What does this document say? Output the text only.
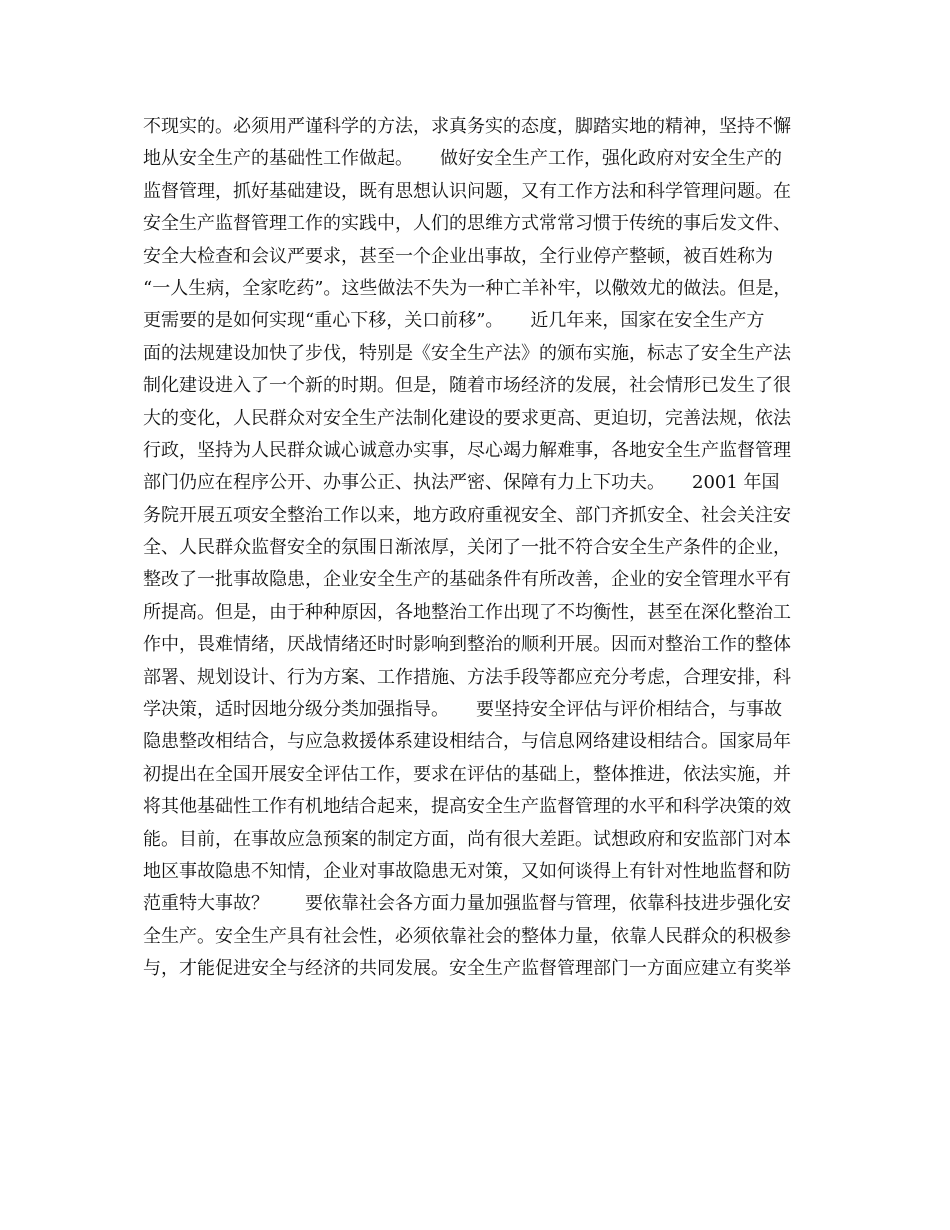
不现实的。必须用严谨科学的方法，求真务实的态度，脚踏实地的精神，坚持不懈
地从安全生产的基础性工作做起。　　做好安全生产工作，强化政府对安全生产的
监督管理，抓好基础建设，既有思想认识问题，又有工作方法和科学管理问题。在
安全生产监督管理工作的实践中，人们的思维方式常常习惯于传统的事后发文件、
安全大检查和会议严要求，甚至一个企业出事故，全行业停产整顿，被百姓称为
“一人生病，全家吃药”。这些做法不失为一种亡羊补牢，以儆效尤的做法。但是，
更需要的是如何实现“重心下移，关口前移”。　　近几年来，国家在安全生产方
面的法规建设加快了步伐，特别是《安全生产法》的颁布实施，标志了安全生产法
制化建设进入了一个新的时期。但是，随着市场经济的发展，社会情形已发生了很
大的变化，人民群众对安全生产法制化建设的要求更高、更迫切，完善法规，依法
行政，坚持为人民群众诚心诚意办实事，尽心竭力解难事，各地安全生产监督管理
部门仍应在程序公开、办事公正、执法严密、保障有力上下功夫。　　2001 年国
务院开展五项安全整治工作以来，地方政府重视安全、部门齐抓安全、社会关注安
全、人民群众监督安全的氛围日渐浓厚，关闭了一批不符合安全生产条件的企业，
整改了一批事故隐患，企业安全生产的基础条件有所改善，企业的安全管理水平有
所提高。但是，由于种种原因，各地整治工作出现了不均衡性，甚至在深化整治工
作中，畏难情绪，厌战情绪还时时影响到整治的顺利开展。因而对整治工作的整体
部署、规划设计、行为方案、工作措施、方法手段等都应充分考虑，合理安排，科
学决策，适时因地分级分类加强指导。　　要坚持安全评估与评价相结合，与事故
隐患整改相结合，与应急救援体系建设相结合，与信息网络建设相结合。国家局年
初提出在全国开展安全评估工作，要求在评估的基础上，整体推进，依法实施，并
将其他基础性工作有机地结合起来，提高安全生产监督管理的水平和科学决策的效
能。目前，在事故应急预案的制定方面，尚有很大差距。试想政府和安监部门对本
地区事故隐患不知情，企业对事故隐患无对策，又如何谈得上有针对性地监督和防
范重特大事故？　　要依靠社会各方面力量加强监督与管理，依靠科技进步强化安
全生产。安全生产具有社会性，必须依靠社会的整体力量，依靠人民群众的积极参
与，才能促进安全与经济的共同发展。安全生产监督管理部门一方面应建立有奖举
